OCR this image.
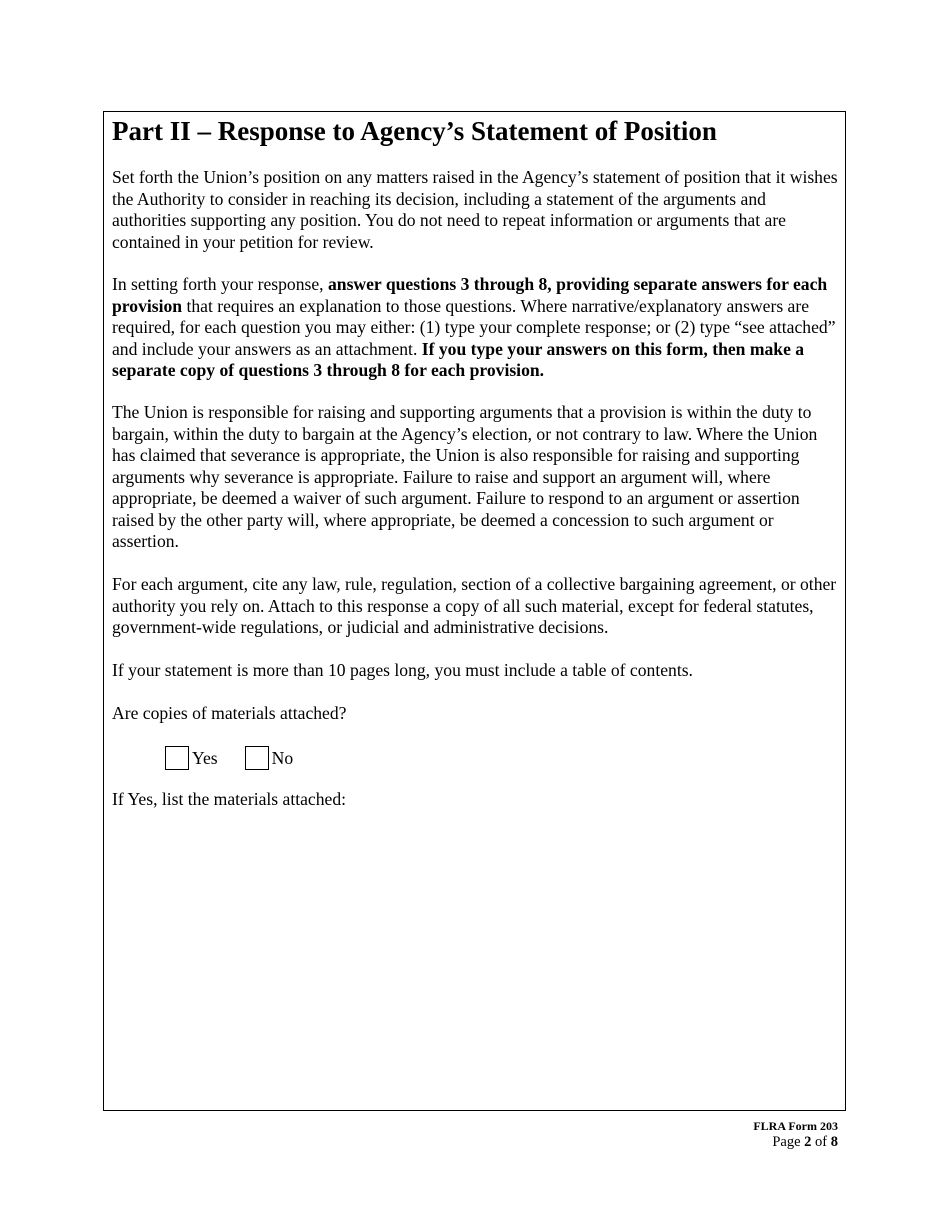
Part II – Response to Agency’s Statement of Position

Set forth the Union’s position on any matters raised in the Agency’s statement of position that it wishes the Authority to consider in reaching its decision, including a statement of the arguments and authorities supporting any position. You do not need to repeat information or arguments that are contained in your petition for review.

In setting forth your response, answer questions 3 through 8, providing separate answers for each provision that requires an explanation to those questions. Where narrative/explanatory answers are required, for each question you may either: (1) type your complete response; or (2) type “see attached” and include your answers as an attachment. If you type your answers on this form, then make a separate copy of questions 3 through 8 for each provision.

The Union is responsible for raising and supporting arguments that a provision is within the duty to bargain, within the duty to bargain at the Agency’s election, or not contrary to law. Where the Union has claimed that severance is appropriate, the Union is also responsible for raising and supporting arguments why severance is appropriate. Failure to raise and support an argument will, where appropriate, be deemed a waiver of such argument. Failure to respond to an argument or assertion raised by the other party will, where appropriate, be deemed a concession to such argument or assertion.

For each argument, cite any law, rule, regulation, section of a collective bargaining agreement, or other authority you rely on. Attach to this response a copy of all such material, except for federal statutes, government-wide regulations, or judicial and administrative decisions.

If your statement is more than 10 pages long, you must include a table of contents.

Are copies of materials attached?

Yes	No

If Yes, list the materials attached:

FLRA Form 203
Page 2 of 8
